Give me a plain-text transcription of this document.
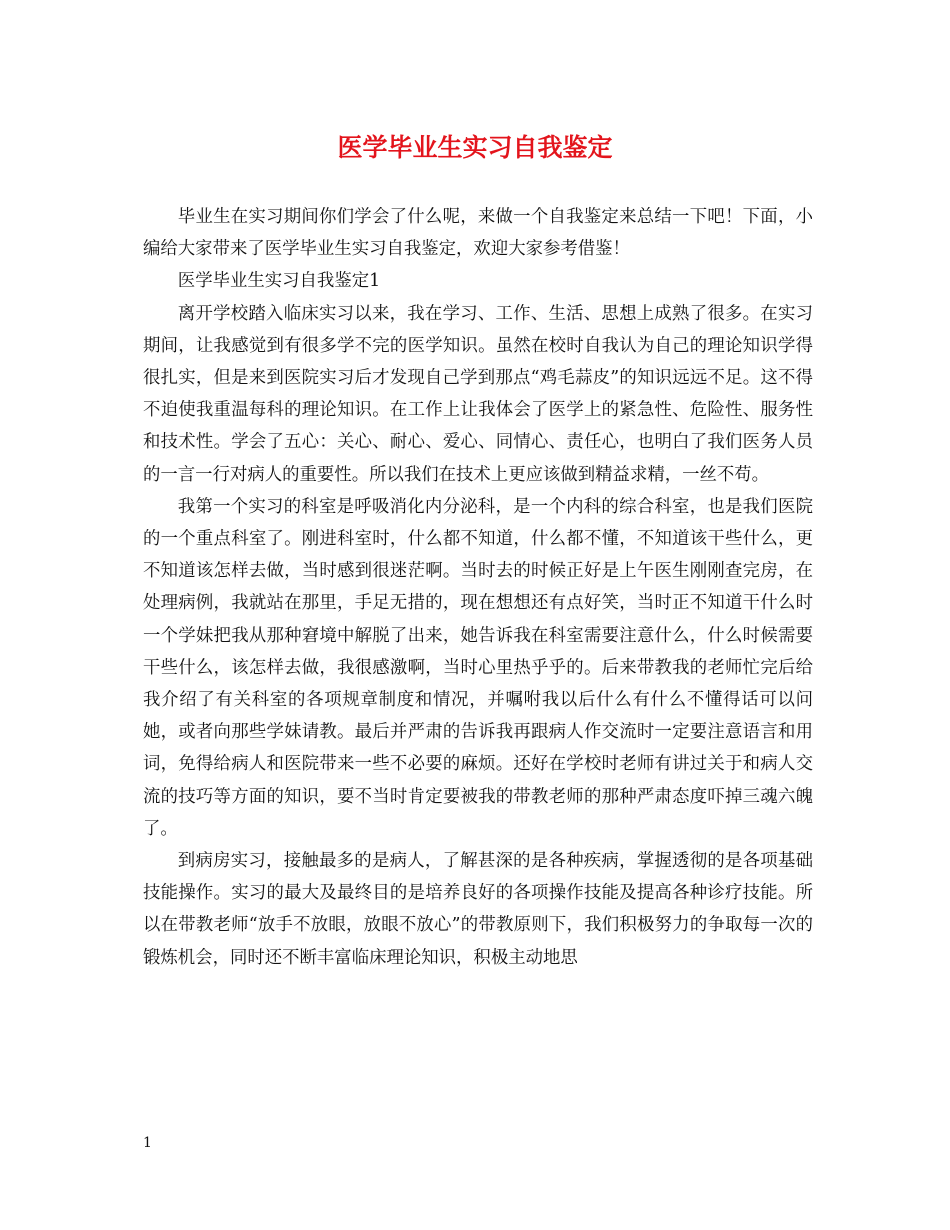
医学毕业生实习自我鉴定

毕业生在实习期间你们学会了什么呢，来做一个自我鉴定来总结一下吧！下面，小编给大家带来了医学毕业生实习自我鉴定，欢迎大家参考借鉴！

医学毕业生实习自我鉴定1

离开学校踏入临床实习以来，我在学习、工作、生活、思想上成熟了很多。在实习期间，让我感觉到有很多学不完的医学知识。虽然在校时自我认为自己的理论知识学得很扎实，但是来到医院实习后才发现自己学到那点“鸡毛蒜皮”的知识远远不足。这不得不迫使我重温每科的理论知识。在工作上让我体会了医学上的紧急性、危险性、服务性和技术性。学会了五心：关心、耐心、爱心、同情心、责任心，也明白了我们医务人员的一言一行对病人的重要性。所以我们在技术上更应该做到精益求精，一丝不苟。

我第一个实习的科室是呼吸消化内分泌科，是一个内科的综合科室，也是我们医院的一个重点科室了。刚进科室时，什么都不知道，什么都不懂，不知道该干些什么，更不知道该怎样去做，当时感到很迷茫啊。当时去的时候正好是上午医生刚刚查完房，在处理病例，我就站在那里，手足无措的，现在想想还有点好笑，当时正不知道干什么时一个学妹把我从那种窘境中解脱了出来，她告诉我在科室需要注意什么，什么时候需要干些什么，该怎样去做，我很感激啊，当时心里热乎乎的。后来带教我的老师忙完后给我介绍了有关科室的各项规章制度和情况，并嘱咐我以后什么有什么不懂得话可以问她，或者向那些学妹请教。最后并严肃的告诉我再跟病人作交流时一定要注意语言和用词，免得给病人和医院带来一些不必要的麻烦。还好在学校时老师有讲过关于和病人交流的技巧等方面的知识，要不当时肯定要被我的带教老师的那种严肃态度吓掉三魂六魄了。

到病房实习，接触最多的是病人，了解甚深的是各种疾病，掌握透彻的是各项基础技能操作。实习的最大及最终目的是培养良好的各项操作技能及提高各种诊疗技能。所以在带教老师“放手不放眼，放眼不放心”的带教原则下，我们积极努力的争取每一次的锻炼机会，同时还不断丰富临床理论知识，积极主动地思

1
